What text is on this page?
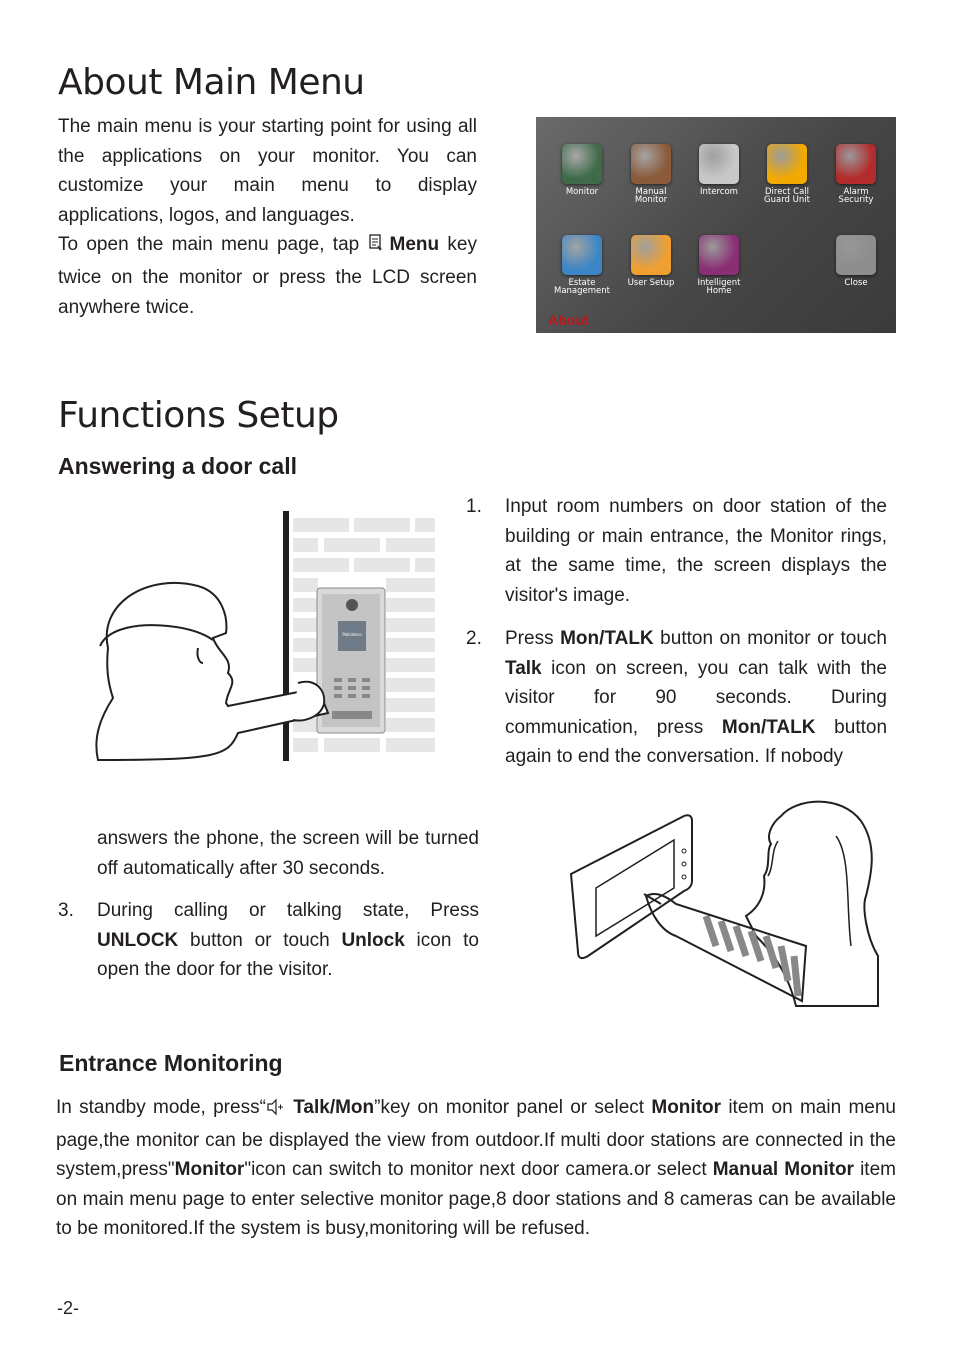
About Main Menu

The main menu is your starting point for using all the applications on your monitor. You can customize your main menu to display applications, logos, and languages.

To open the main menu page, tap Menu key twice on the monitor or press the LCD screen anywhere twice.

About
Monitor	Manual
Monitor
Intercom	Direct Call
Guard Unit
Alarm
Security
Estate
Management
User Setup	Intelligent
Home
Close
Functions Setup
Answering a door call
Pokinteco
1. Input room numbers on door station of the building or main entrance, the Monitor rings, at the same time, the screen displays the visitor's image.

2. Press Mon/TALK button on monitor or touch Talk icon on screen, you can talk with the visitor for 90 seconds. During communication, press Mon/TALK button again to end the conversation. If nobody

answers the phone, the screen will be turned off automatically after 30 seconds.

3. During calling or talking state, Press UNLOCK button or touch Unlock icon to open the door for the visitor.

Entrance Monitoring

In standby mode, press“ Talk/Mon”key on monitor panel or select Monitor item on main menu page,the monitor can be displayed the view from outdoor.If multi door stations are connected in the system,press"Monitor"icon can switch to monitor next door camera.or select Manual Monitor item on main menu page to enter selective monitor page,8 door stations and 8 cameras can be available to be monitored.If the system is busy,monitoring will be refused.

-2-
